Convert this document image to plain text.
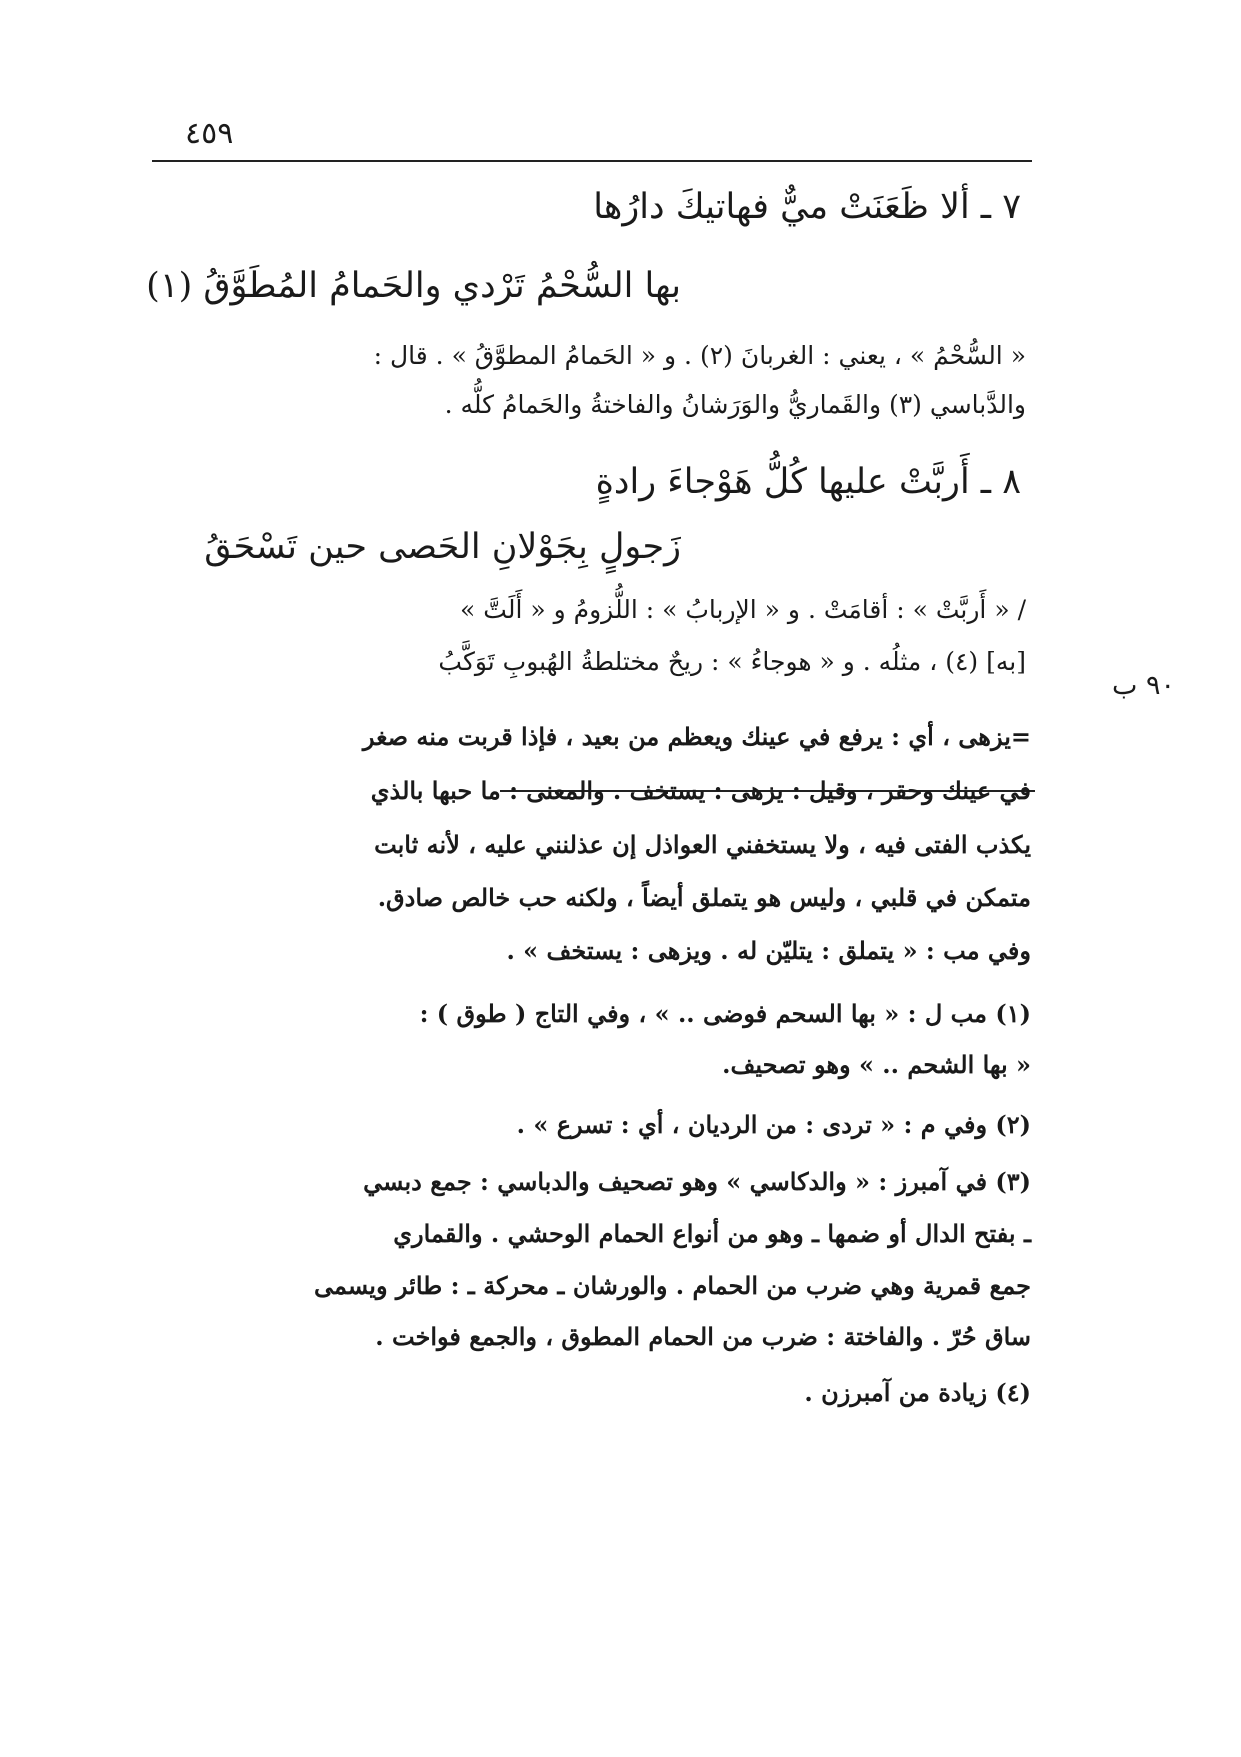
٤٥٩
٧ ـ ألا ظَعَنَتْ ميٌّ فهاتيكَ دارُها
بها السُّحْمُ تَرْدي والحَمامُ المُطَوَّقُ (١)
« السُّحْمُ » ، يعني : الغربانَ (٢) . و « الحَمامُ المطوَّقُ » . قال :
والدَّباسي (٣) والقَماريُّ والوَرَشانُ والفاختةُ والحَمامُ كلُّه .
٨ ـ أَربَّتْ عليها كُلُّ هَوْجاءَ رادةٍ
زَجولٍ بِجَوْلانِ الحَصى حين تَسْحَقُ
٩٠ ب
/ « أَربَّتْ » : أقامَتْ . و « الإربابُ » : اللُّزومُ و « أَلَتَّ »
[به] (٤) ، مثلُه . و « هوجاءُ » : ريحٌ مختلطةُ الهُبوبِ تَوَكَّبُ
=يزهى ، أي : يرفع في عينك ويعظم من بعيد ، فإذا قربت منه صغر
في عينك وحقر ، وقيل : يزهى : يستخف . والمعنى : ما حبها بالذي
يكذب الفتى فيه ، ولا يستخفني العواذل إن عذلنني عليه ، لأنه ثابت
متمكن في قلبي ، وليس هو يتملق أيضاً ، ولكنه حب خالص صادق.
وفي مب : « يتملق : يتليّن له . ويزهى : يستخف » .
(١) مب ل : « بها السحم فوضى .. » ، وفي التاج ( طوق ) :
« بها الشحم .. » وهو تصحيف.
(٢) وفي م : « تردى : من الرديان ، أي : تسرع » .
(٣) في آمبرز : « والدكاسي » وهو تصحيف والدباسي : جمع دبسي
ـ بفتح الدال أو ضمها ـ وهو من أنواع الحمام الوحشي . والقماري
جمع قمرية وهي ضرب من الحمام . والورشان ـ محركة ـ : طائر ويسمى
ساق حُرّ . والفاختة : ضرب من الحمام المطوق ، والجمع فواخت .
(٤) زيادة من آمبرزن .
